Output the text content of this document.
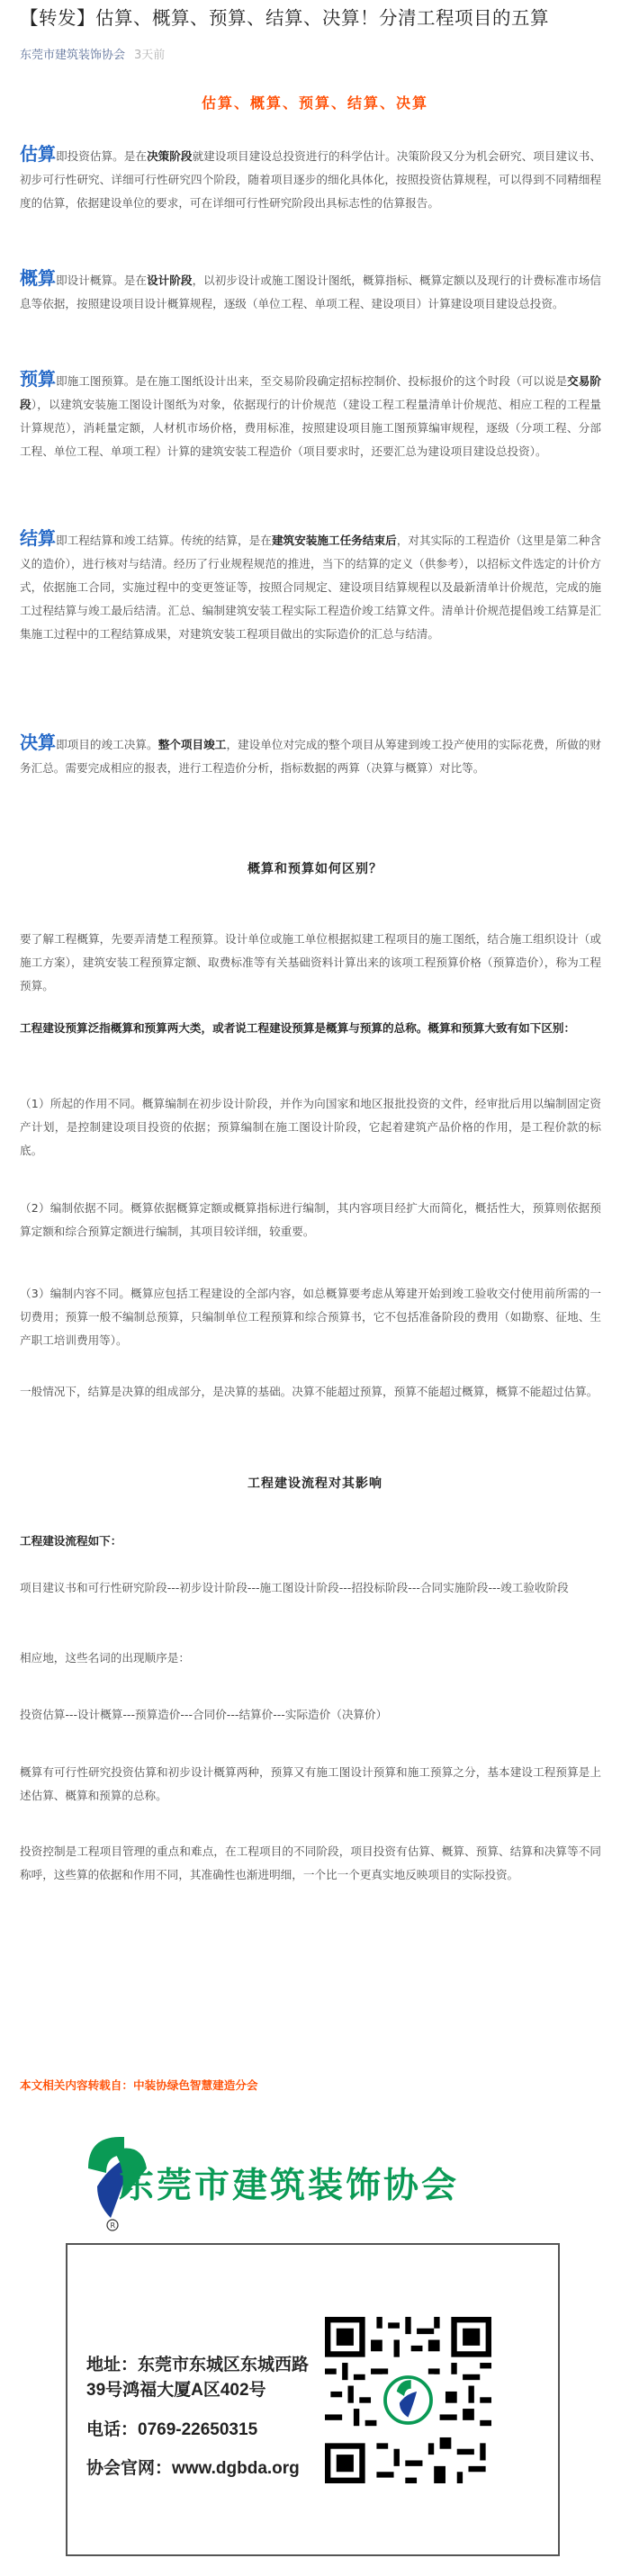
【转发】估算、概算、预算、结算、决算！分清工程项目的五算
东莞市建筑装饰协会 3天前
估算、概算、预算、结算、决算
估算即投资估算。是在决策阶段就建设项目建设总投资进行的科学估计。决策阶段又分为机会研究、项目建议书、初步可行性研究、详细可行性研究四个阶段，随着项目逐步的细化具体化，按照投资估算规程，可以得到不同精细程度的估算，依据建设单位的要求，可在详细可行性研究阶段出具标志性的估算报告。
概算即设计概算。是在设计阶段，以初步设计或施工图设计图纸，概算指标、概算定额以及现行的计费标准市场信息等依据，按照建设项目设计概算规程，逐级（单位工程、单项工程、建设项目）计算建设项目建设总投资。
预算即施工图预算。是在施工图纸设计出来，至交易阶段确定招标控制价、投标报价的这个时段（可以说是交易阶段），以建筑安装施工图设计图纸为对象，依据现行的计价规范（建设工程工程量清单计价规范、相应工程的工程量计算规范），消耗量定额，人材机市场价格，费用标准，按照建设项目施工图预算编审规程，逐级（分项工程、分部工程、单位工程、单项工程）计算的建筑安装工程造价（项目要求时，还要汇总为建设项目建设总投资）。
结算即工程结算和竣工结算。传统的结算，是在建筑安装施工任务结束后，对其实际的工程造价（这里是第二种含义的造价），进行核对与结清。经历了行业规程规范的推进，当下的结算的定义（供参考），以招标文件选定的计价方式，依据施工合同，实施过程中的变更签证等，按照合同规定、建设项目结算规程以及最新清单计价规范，完成的施工过程结算与竣工最后结清。汇总、编制建筑安装工程实际工程造价竣工结算文件。清单计价规范提倡竣工结算是汇集施工过程中的工程结算成果，对建筑安装工程项目做出的实际造价的汇总与结清。
决算即项目的竣工决算。整个项目竣工，建设单位对完成的整个项目从筹建到竣工投产使用的实际花费，所做的财务汇总。需要完成相应的报表，进行工程造价分析，指标数据的两算（决算与概算）对比等。
概算和预算如何区别？
要了解工程概算，先要弄清楚工程预算。设计单位或施工单位根据拟建工程项目的施工图纸，结合施工组织设计（或施工方案），建筑安装工程预算定额、取费标准等有关基础资料计算出来的该项工程预算价格（预算造价），称为工程预算。
工程建设预算泛指概算和预算两大类，或者说工程建设预算是概算与预算的总称。概算和预算大致有如下区别：
（1）所起的作用不同。概算编制在初步设计阶段，并作为向国家和地区报批投资的文件，经审批后用以编制固定资产计划，是控制建设项目投资的依据；预算编制在施工图设计阶段，它起着建筑产品价格的作用，是工程价款的标底。
（2）编制依据不同。概算依据概算定额或概算指标进行编制，其内容项目经扩大而简化，概括性大，预算则依据预算定额和综合预算定额进行编制，其项目较详细，较重要。
（3）编制内容不同。概算应包括工程建设的全部内容，如总概算要考虑从筹建开始到竣工验收交付使用前所需的一切费用；预算一般不编制总预算，只编制单位工程预算和综合预算书，它不包括准备阶段的费用（如勘察、征地、生产职工培训费用等）。
一般情况下，结算是决算的组成部分，是决算的基础。决算不能超过预算，预算不能超过概算，概算不能超过估算。
工程建设流程对其影响
工程建设流程如下：
项目建议书和可行性研究阶段---初步设计阶段---施工图设计阶段---招投标阶段---合同实施阶段---竣工验收阶段
相应地，这些名词的出现顺序是：
投资估算---设计概算---预算造价---合同价---结算价---实际造价（决算价）
概算有可行性研究投资估算和初步设计概算两种，预算又有施工图设计预算和施工预算之分，基本建设工程预算是上述估算、概算和预算的总称。
投资控制是工程项目管理的重点和难点，在工程项目的不同阶段，项目投资有估算、概算、预算、结算和决算等不同称呼，这些算的依据和作用不同，其准确性也渐进明细，一个比一个更真实地反映项目的实际投资。
本文相关内容转载自：中装协绿色智慧建造分会
R
东莞市建筑装饰协会
地址：东莞市东城区东城西路
39号鸿福大厦A区402号
电话：0769-22650315
协会官网：www.dgbda.org
